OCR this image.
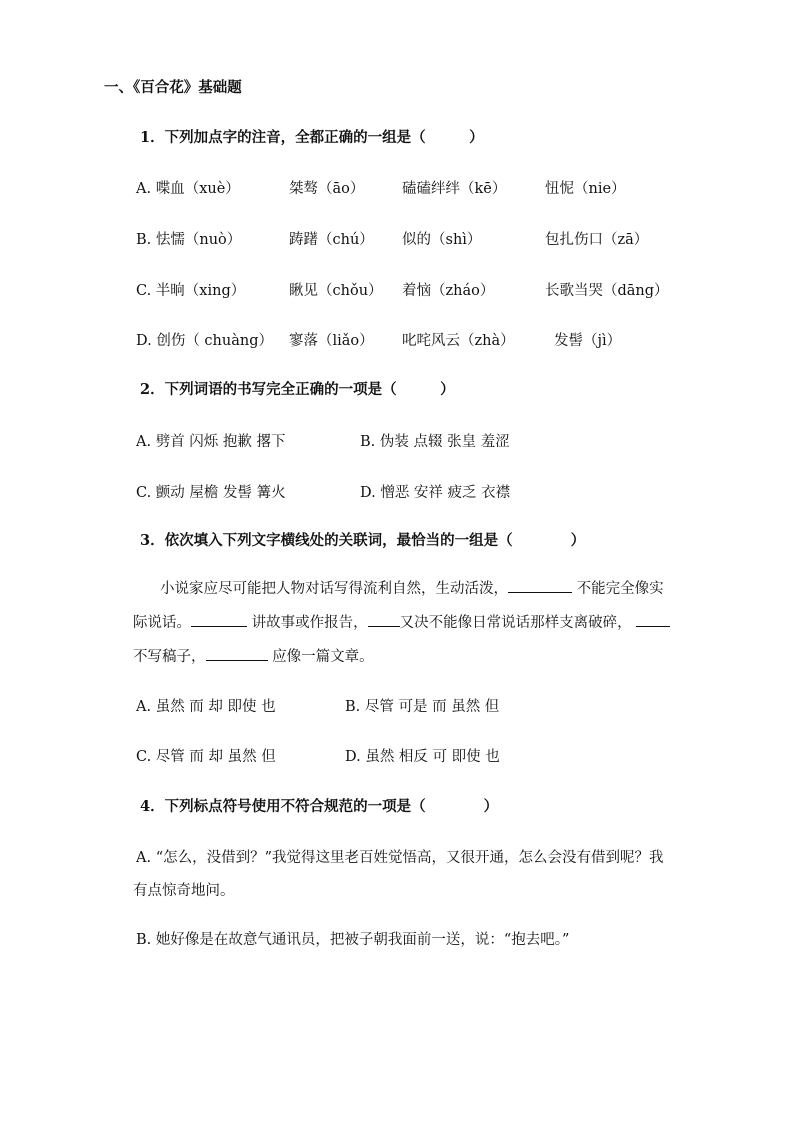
一、《百合花》基础题
1．下列加点字的注音，全都正确的一组是（　　　）
A. 喋血（xuè）	桀骜（āo）	磕磕绊绊（kē）	忸怩（nie）
B. 怯懦（nuò）	踌躇（chú） 似的（shì）	包扎伤口（zā）
C. 半晌（xing）	瞅见（chǒu） 着恼（zháo）	长歌当哭（dāng）
D. 创伤（ chuàng） 寥落（liǎo） 叱咤风云（zhà）	发髻（jì）
2．下列词语的书写完全正确的一项是（　　　）
A. 劈首 闪烁 抱歉 撂下	B. 伪装 点辍 张皇 羞涩
C. 颤动 屋檐 发髻 篝火	D. 憎恶 安祥 疲乏 衣襟
3．依次填入下列文字横线处的关联词，最恰当的一组是（　　　　）
小说家应尽可能把人物对话写得流利自然，生动活泼，	不能完全像实
际说话。	讲故事或作报告， 又决不能像日常说话那样支离破碎，
不写稿子，	应像一篇文章。
A. 虽然 而 却 即使 也	B. 尽管 可是 而 虽然 但
C. 尽管 而 却 虽然 但	D. 虽然 相反 可 即使 也
4．下列标点符号使用不符合规范的一项是（　　　　）
A. “怎么，没借到？”我觉得这里老百姓觉悟高，又很开通，怎么会没有借到呢？我
有点惊奇地问。
B. 她好像是在故意气通讯员，把被子朝我面前一送，说：“抱去吧。”
